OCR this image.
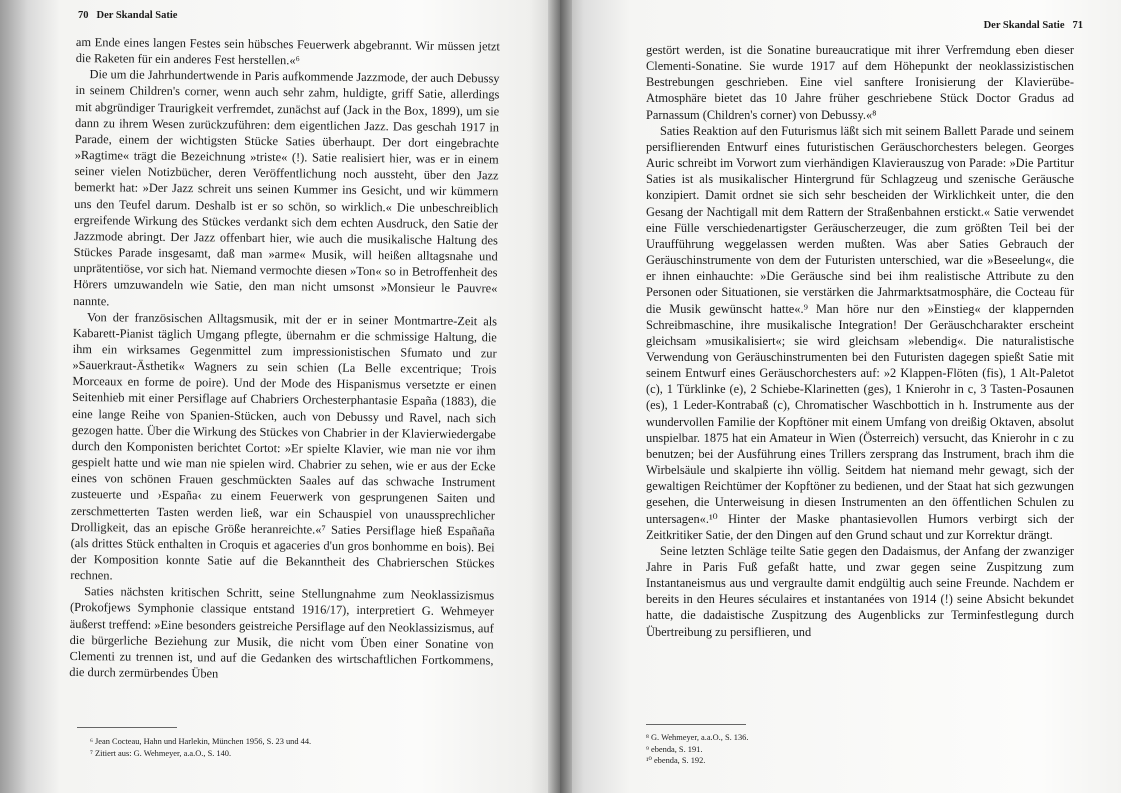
70 Der Skandal Satie

am Ende eines langen Festes sein hübsches Feuerwerk abgebrannt. Wir müssen jetzt die Raketen für ein anderes Fest herstellen.«⁶

Die um die Jahrhundertwende in Paris aufkommende Jazzmode, der auch Debussy in seinem Children's corner, wenn auch sehr zahm, huldigte, griff Satie, allerdings mit abgründiger Traurigkeit verfremdet, zunächst auf (Jack in the Box, 1899), um sie dann zu ihrem Wesen zurückzuführen: dem eigentlichen Jazz. Das geschah 1917 in Parade, einem der wichtigsten Stücke Saties überhaupt. Der dort eingebrachte »Ragtime« trägt die Bezeichnung »triste« (!). Satie realisiert hier, was er in einem seiner vielen Notizbücher, deren Veröffentlichung noch aussteht, über den Jazz bemerkt hat: »Der Jazz schreit uns seinen Kummer ins Gesicht, und wir kümmern uns den Teufel darum. Deshalb ist er so schön, so wirklich.« Die unbeschreiblich ergreifende Wirkung des Stückes verdankt sich dem echten Ausdruck, den Satie der Jazzmode abringt. Der Jazz offenbart hier, wie auch die musikalische Haltung des Stückes Parade insgesamt, daß man »arme« Musik, will heißen alltagsnahe und unprätentiöse, vor sich hat. Niemand vermochte diesen »Ton« so in Betroffenheit des Hörers umzuwandeln wie Satie, den man nicht umsonst »Monsieur le Pauvre« nannte.

Von der französischen Alltagsmusik, mit der er in seiner Montmartre-Zeit als Kabarett-Pianist täglich Umgang pflegte, übernahm er die schmissige Haltung, die ihm ein wirksames Gegenmittel zum impressionistischen Sfumato und zur »Sauerkraut-Ästhetik« Wagners zu sein schien (La Belle excentrique; Trois Morceaux en forme de poire). Und der Mode des Hispanismus versetzte er einen Seitenhieb mit einer Persiflage auf Chabriers Orchesterphantasie España (1883), die eine lange Reihe von Spanien-Stücken, auch von Debussy und Ravel, nach sich gezogen hatte. Über die Wirkung des Stückes von Chabrier in der Klavierwiedergabe durch den Komponisten berichtet Cortot: »Er spielte Klavier, wie man nie vor ihm gespielt hatte und wie man nie spielen wird. Chabrier zu sehen, wie er aus der Ecke eines von schönen Frauen geschmückten Saales auf das schwache Instrument zusteuerte und ›España‹ zu einem Feuerwerk von gesprungenen Saiten und zerschmetterten Tasten werden ließ, war ein Schauspiel von unaussprechlicher Drolligkeit, das an epische Größe heranreichte.«⁷ Saties Persiflage hieß Españaña (als drittes Stück enthalten in Croquis et agaceries d'un gros bonhomme en bois). Bei der Komposition konnte Satie auf die Bekanntheit des Chabrierschen Stückes rechnen.

Saties nächsten kritischen Schritt, seine Stellungnahme zum Neoklassizismus (Prokofjews Symphonie classique entstand 1916/17), interpretiert G. Wehmeyer äußerst treffend: »Eine besonders geistreiche Persiflage auf den Neoklassizismus, auf die bürgerliche Beziehung zur Musik, die nicht vom Üben einer Sonatine von Clementi zu trennen ist, und auf die Gedanken des wirtschaftlichen Fortkommens, die durch zermürbendes Üben

⁶ Jean Cocteau, Hahn und Harlekin, München 1956, S. 23 und 44.
⁷ Zitiert aus: G. Wehmeyer, a.a.O., S. 140.
Der Skandal Satie 71

gestört werden, ist die Sonatine bureaucratique mit ihrer Verfremdung eben dieser Clementi-Sonatine. Sie wurde 1917 auf dem Höhepunkt der neoklassizistischen Bestrebungen geschrieben. Eine viel sanftere Ironisierung der Klavierübe-Atmosphäre bietet das 10 Jahre früher geschriebene Stück Doctor Gradus ad Parnassum (Children's corner) von Debussy.«⁸

Saties Reaktion auf den Futurismus läßt sich mit seinem Ballett Parade und seinem persiflierenden Entwurf eines futuristischen Geräuschorchesters belegen. Georges Auric schreibt im Vorwort zum vierhändigen Klavierauszug von Parade: »Die Partitur Saties ist als musikalischer Hintergrund für Schlagzeug und szenische Geräusche konzipiert. Damit ordnet sie sich sehr bescheiden der Wirklichkeit unter, die den Gesang der Nachtigall mit dem Rattern der Straßenbahnen erstickt.« Satie verwendet eine Fülle verschiedenartigster Geräuscherzeuger, die zum größten Teil bei der Uraufführung weggelassen werden mußten. Was aber Saties Gebrauch der Geräuschinstrumente von dem der Futuristen unterschied, war die »Beseelung«, die er ihnen einhauchte: »Die Geräusche sind bei ihm realistische Attribute zu den Personen oder Situationen, sie verstärken die Jahrmarktsatmosphäre, die Cocteau für die Musik gewünscht hatte«.⁹ Man höre nur den »Einstieg« der klappernden Schreibmaschine, ihre musikalische Integration! Der Geräuschcharakter erscheint gleichsam »musikalisiert«; sie wird gleichsam »lebendig«. Die naturalistische Verwendung von Geräuschinstrumenten bei den Futuristen dagegen spießt Satie mit seinem Entwurf eines Geräuschorchesters auf: »2 Klappen-Flöten (fis), 1 Alt-Paletot (c), 1 Türklinke (e), 2 Schiebe-Klarinetten (ges), 1 Knierohr in c, 3 Tasten-Posaunen (es), 1 Leder-Kontrabaß (c), Chromatischer Waschbottich in h. Instrumente aus der wundervollen Familie der Kopftöner mit einem Umfang von dreißig Oktaven, absolut unspielbar. 1875 hat ein Amateur in Wien (Österreich) versucht, das Knierohr in c zu benutzen; bei der Ausführung eines Trillers zersprang das Instrument, brach ihm die Wirbelsäule und skalpierte ihn völlig. Seitdem hat niemand mehr gewagt, sich der gewaltigen Reichtümer der Kopftöner zu bedienen, und der Staat hat sich gezwungen gesehen, die Unterweisung in diesen Instrumenten an den öffentlichen Schulen zu untersagen«.¹⁰ Hinter der Maske phantasievollen Humors verbirgt sich der Zeitkritiker Satie, der den Dingen auf den Grund schaut und zur Korrektur drängt.

Seine letzten Schläge teilte Satie gegen den Dadaismus, der Anfang der zwanziger Jahre in Paris Fuß gefaßt hatte, und zwar gegen seine Zuspitzung zum Instantaneismus aus und vergraulte damit endgültig auch seine Freunde. Nachdem er bereits in den Heures séculaires et instantanées von 1914 (!) seine Absicht bekundet hatte, die dadaistische Zuspitzung des Augenblicks zur Terminfestlegung durch Übertreibung zu persiflieren, und

⁸ G. Wehmeyer, a.a.O., S. 136.
⁹ ebenda, S. 191.
¹⁰ ebenda, S. 192.
